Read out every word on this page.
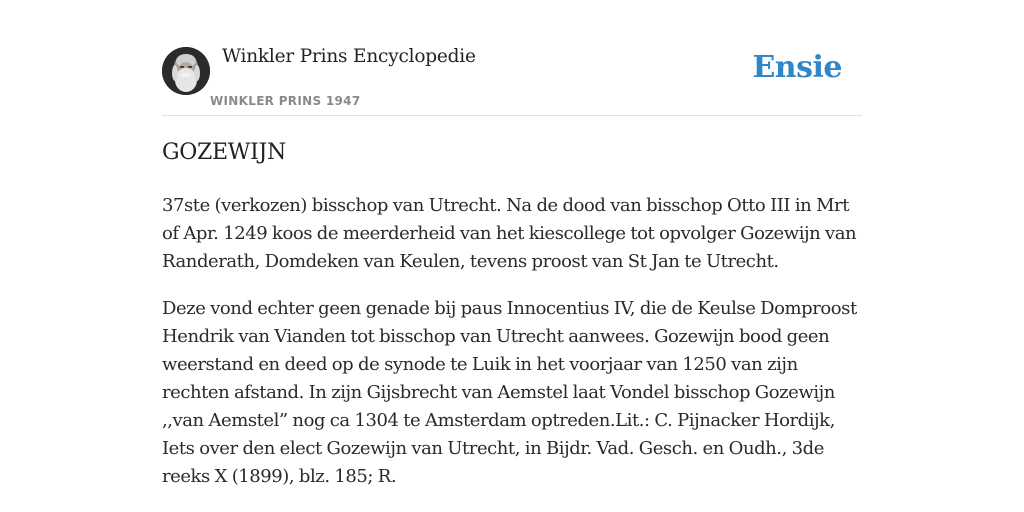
Winkler Prins Encyclopedie
WINKLER PRINS 1947
Ensie
GOZEWIJN

37ste (verkozen) bisschop van Utrecht. Na de dood van bisschop Otto III in Mrt of Apr. 1249 koos de meerderheid van het kiescollege tot opvolger Gozewijn van Randerath, Domdeken van Keulen, tevens proost van St Jan te Utrecht.

Deze vond echter geen genade bij paus Innocentius IV, die de Keulse Domproost Hendrik van Vianden tot bisschop van Utrecht aanwees. Gozewijn bood geen weerstand en deed op de synode te Luik in het voorjaar van 1250 van zijn rechten afstand. In zijn Gijsbrecht van Aemstel laat Vondel bisschop Gozewijn ,,van Aemstel” nog ca 1304 te Amsterdam optreden.Lit.: C. Pijnacker Hordijk, Iets over den elect Gozewijn van Utrecht, in Bijdr. Vad. Gesch. en Oudh., 3de reeks X (1899), blz. 185; R.
